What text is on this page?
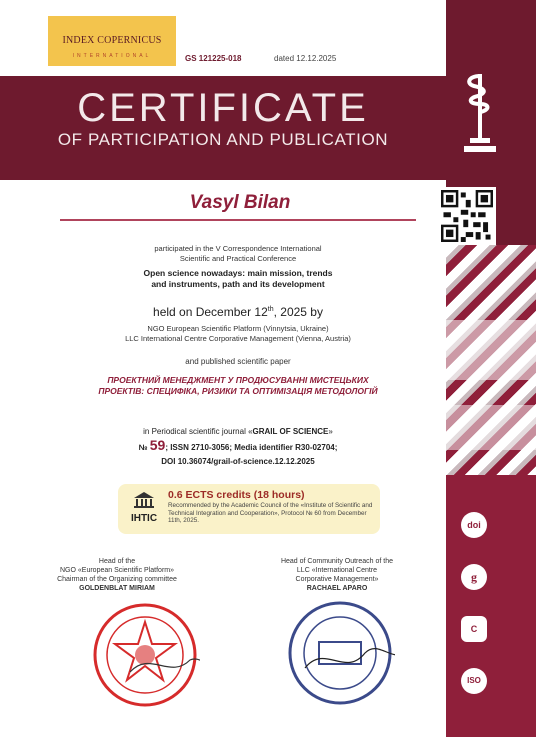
INDEX COPERNICUS
INTERNATIONAL	GS 121225-018	dated 12.12.2025
CERTIFICATE
OF PARTICIPATION AND PUBLICATION
Vasyl Bilan
participated in the V Correspondence International
Scientific and Practical Conference
Open science nowadays: main mission, trends
and instruments, path and its development
held on December 12th, 2025 by
NGO European Scientific Platform (Vinnytsia, Ukraine)
LLC International Centre Corporative Management (Vienna, Austria)
and published scientific paper
ПРОЕКТНИЙ МЕНЕДЖМЕНТ У ПРОДЮСУВАННІ МИСТЕЦЬКИХ
ПРОЕКТІВ: СПЕЦИФІКА, РИЗИКИ ТА ОПТИМІЗАЦІЯ МЕТОДОЛОГІЙ
in Periodical scientific journal «GRAIL OF SCIENCE»
№ 59; ISSN 2710-3056; Media identifier R30-02704;
DOI 10.36074/grail-of-science.12.12.2025
IHTIC
0.6 ECTS credits (18 hours)
Recommended by the Academic Council of the «Institute of Scientific and Technical Integration and Cooperation», Protocol № 60 from December 11th, 2025.
Head of the
NGO «European Scientific Platform»
Chairman of the Organizing committee
GOLDENBLAT MIRIAM
Head of Community Outreach of the
LLC «International Centre
Corporative Management»
RACHAEL APARO
doi
g
C
ISO
